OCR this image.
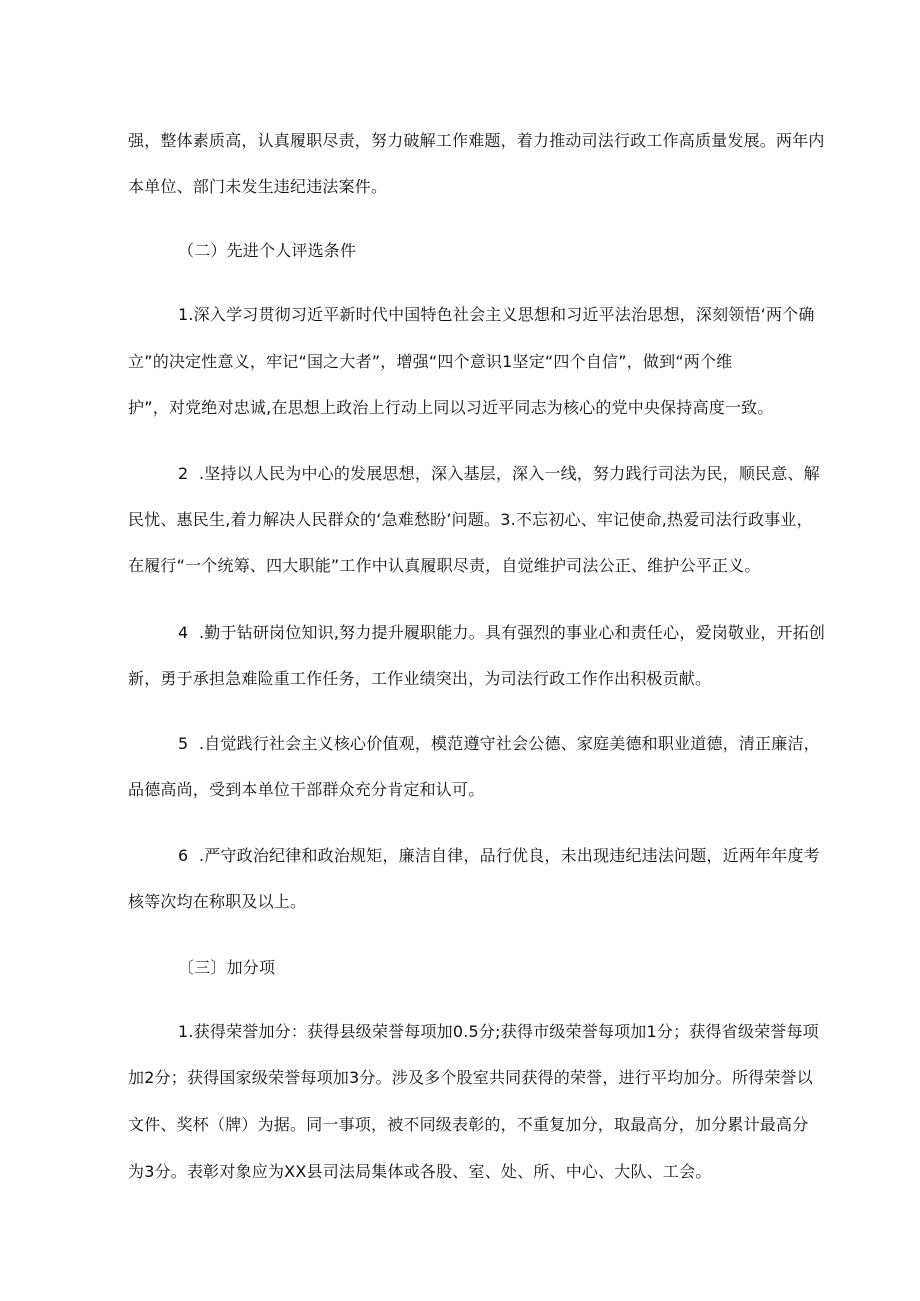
强，整体素质高，认真履职尽责，努力破解工作难题，着力推动司法行政工作高质量发展。两年内
本单位、部门未发生违纪违法案件。
（二）先进个人评选条件
1.深入学习贯彻习近平新时代中国特色社会主义思想和习近平法治思想，深刻领悟‘两个确
立”的决定性意义，牢记“国之大者”，增强“四个意识1坚定“四个自信”，做到“两个维
护”，对党绝对忠诚,在思想上政治上行动上同以习近平同志为核心的党中央保持高度一致。
2  .坚持以人民为中心的发展思想，深入基层，深入一线，努力践行司法为民，顺民意、解
民忧、惠民生,着力解决人民群众的‘急难愁盼’问题。3.不忘初心、牢记使命,热爱司法行政事业，
在履行“一个统筹、四大职能”工作中认真履职尽责，自觉维护司法公正、维护公平正义。
4  .勤于钻研岗位知识,努力提升履职能力。具有强烈的事业心和责任心，爱岗敬业，开拓创
新，勇于承担急难险重工作任务，工作业绩突出，为司法行政工作作出积极贡献。
5  .自觉践行社会主义核心价值观，模范遵守社会公德、家庭美德和职业道德，清正廉洁，
品德高尚，受到本单位干部群众充分肯定和认可。
6  .严守政治纪律和政治规矩，廉洁自律，品行优良，未出现违纪违法问题，近两年年度考
核等次均在称职及以上。
〔三〕加分项
1.获得荣誉加分：获得县级荣誉每项加0.5分;获得市级荣誉每项加1分；获得省级荣誉每项
加2分；获得国家级荣誉每项加3分。涉及多个股室共同获得的荣誉，进行平均加分。所得荣誉以
文件、奖杯（牌）为据。同一事项，被不同级表彰的，不重复加分，取最高分，加分累计最高分
为3分。表彰对象应为XX县司法局集体或各股、室、处、所、中心、大队、工会。
